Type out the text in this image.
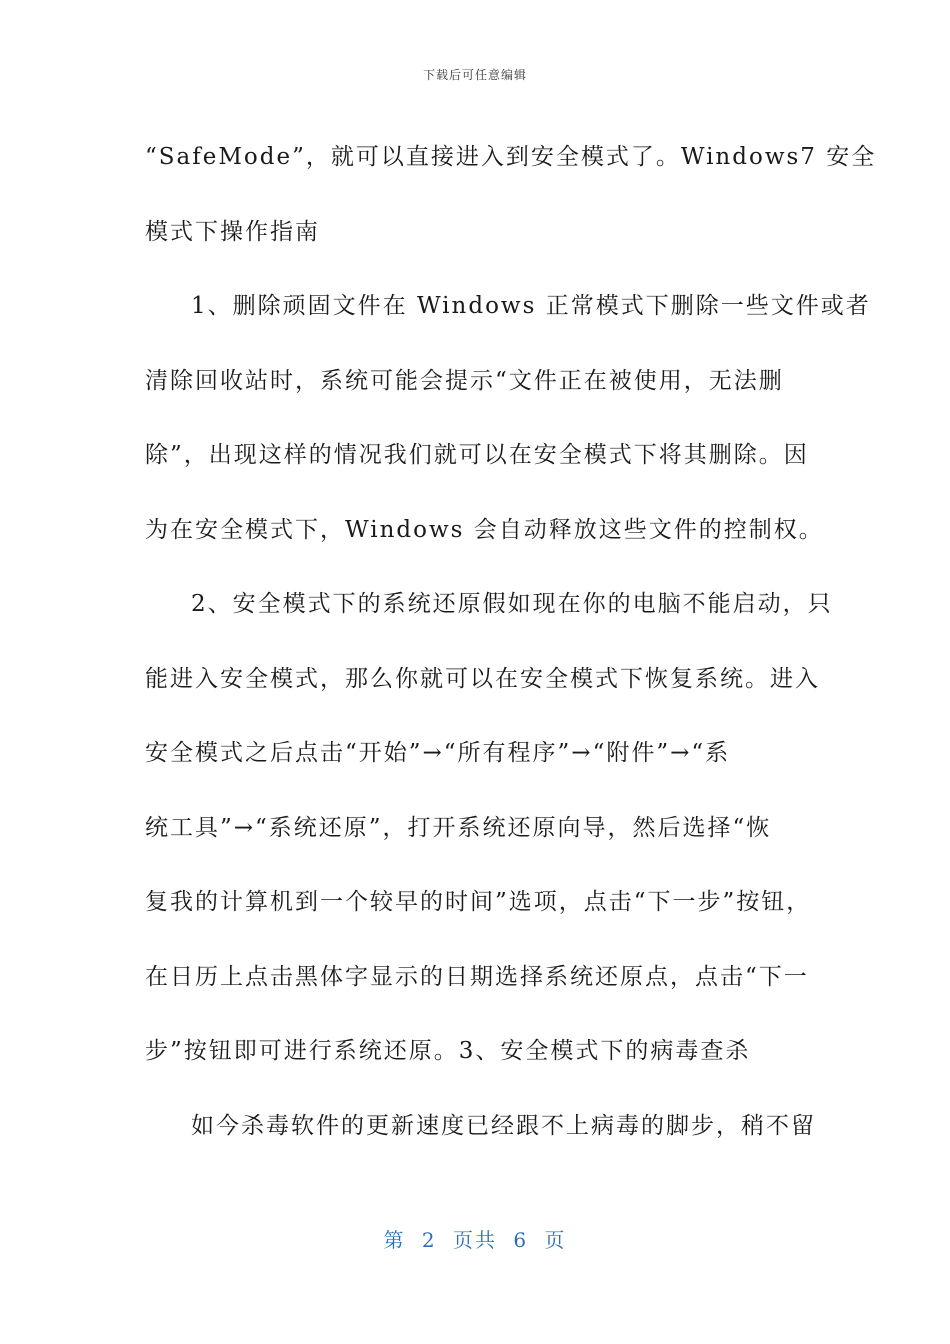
下载后可任意编辑
“SafeMode”，就可以直接进入到安全模式了。Windows7 安全
模式下操作指南
1、删除顽固文件在 Windows 正常模式下删除一些文件或者
清除回收站时，系统可能会提示“文件正在被使用，无法删
除”，出现这样的情况我们就可以在安全模式下将其删除。因
为在安全模式下，Windows 会自动释放这些文件的控制权。
2、安全模式下的系统还原假如现在你的电脑不能启动，只
能进入安全模式，那么你就可以在安全模式下恢复系统。进入
安全模式之后点击“开始”→“所有程序”→“附件”→“系
统工具”→“系统还原”，打开系统还原向导，然后选择“恢
复我的计算机到一个较早的时间”选项，点击“下一步”按钮，
在日历上点击黑体字显示的日期选择系统还原点，点击“下一
步”按钮即可进行系统还原。3、安全模式下的病毒查杀
如今杀毒软件的更新速度已经跟不上病毒的脚步，稍不留
第 2 页共 6 页
